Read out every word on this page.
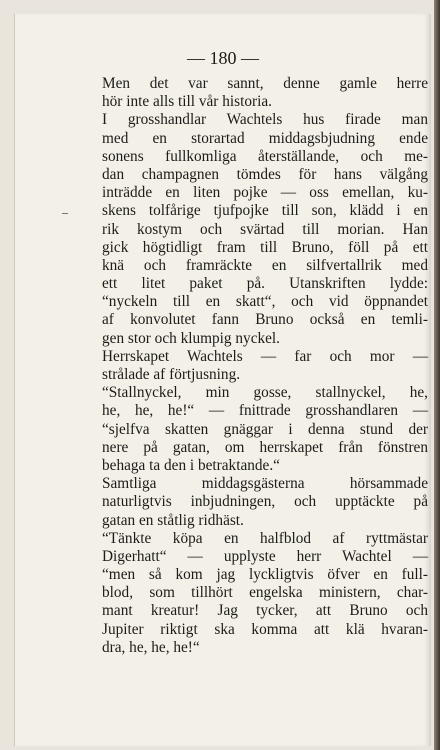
— 180 —
Men det var sannt, denne gamle herre
hör inte alls till vår historia.
I grosshandlar Wachtels hus firade man
med en storartad middagsbjudning ende
sonens fullkomliga återställande, och me-
dan champagnen tömdes för hans välgång
inträdde en liten pojke — oss emellan, ku-
skens tolfårige tjufpojke till son, klädd i en
rik kostym och svärtad till morian. Han
gick högtidligt fram till Bruno, föll på ett
knä och framräckte en silfvertallrik med
ett litet paket på. Utanskriften lydde:
“nyckeln till en skatt“, och vid öppnandet
af konvolutet fann Bruno också en temli-
gen stor och klumpig nyckel.
Herrskapet Wachtels — far och mor —
strålade af förtjusning.
“Stallnyckel, min gosse, stallnyckel, he,
he, he, he!“ — fnittrade grosshandlaren —
“sjelfva skatten gnäggar i denna stund der
nere på gatan, om herrskapet från fönstren
behaga ta den i betraktande.“
Samtliga middagsgästerna hörsammade
naturligtvis inbjudningen, och upptäckte på
gatan en ståtlig ridhäst.
“Tänkte köpa en halfblod af ryttmästar
Digerhatt“ — upplyste herr Wachtel —
“men så kom jag lyckligtvis öfver en full-
blod, som tillhört engelska ministern, char-
mant kreatur! Jag tycker, att Bruno och
Jupiter riktigt ska komma att klä hvaran-
dra, he, he, he!“
